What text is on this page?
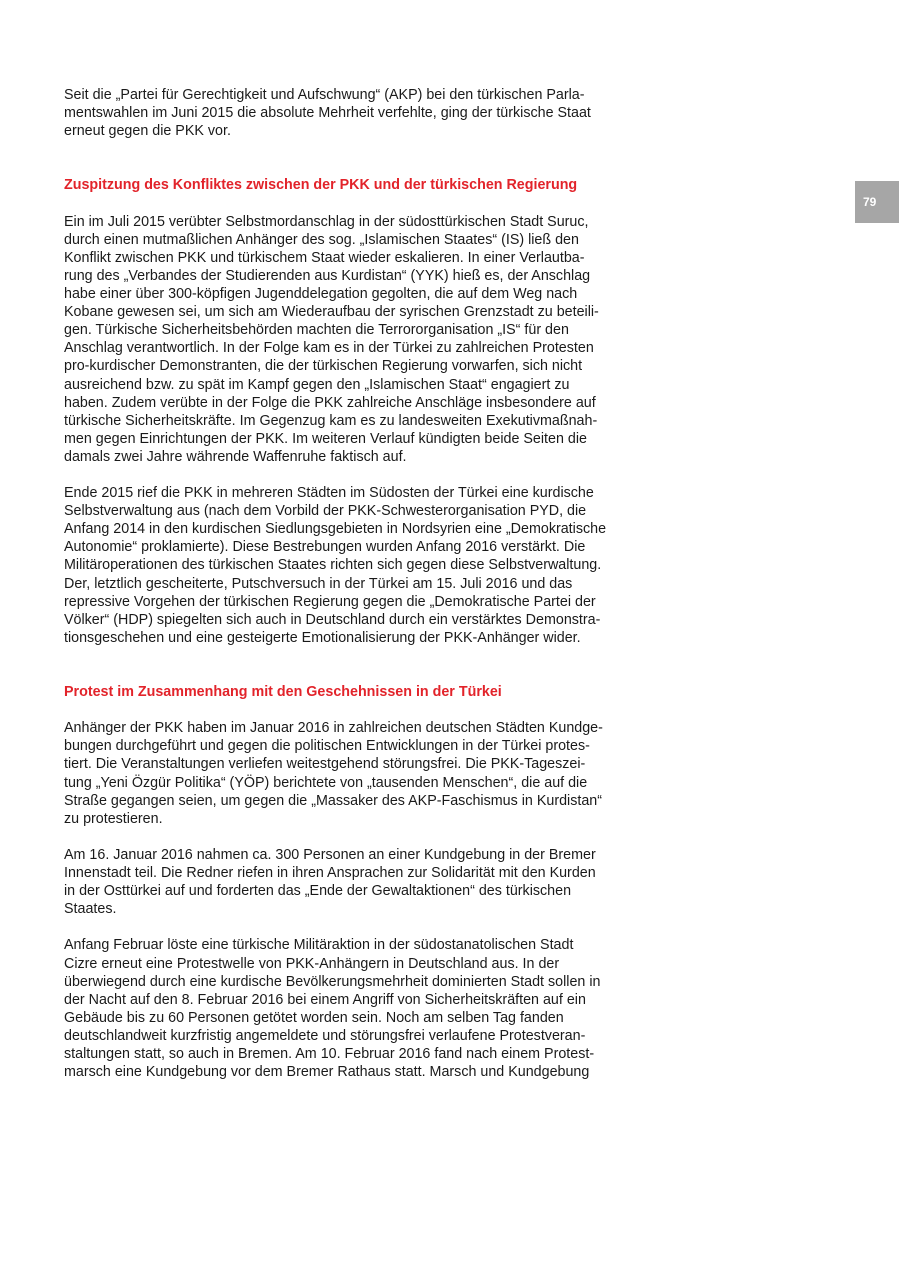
79

Seit die „Partei für Gerechtigkeit und Aufschwung“ (AKP) bei den türkischen Parla-
mentswahlen im Juni 2015 die absolute Mehrheit verfehlte, ging der türkische Staat
erneut gegen die PKK vor.

Zuspitzung des Konfliktes zwischen der PKK und der türkischen Regierung

Ein im Juli 2015 verübter Selbstmordanschlag in der südosttürkischen Stadt Suruc,
durch einen mutmaßlichen Anhänger des sog. „Islamischen Staates“ (IS) ließ den
Konflikt zwischen PKK und türkischem Staat wieder eskalieren. In einer Verlautba-
rung des „Verbandes der Studierenden aus Kurdistan“ (YYK) hieß es, der Anschlag
habe einer über 300-köpfigen Jugenddelegation gegolten, die auf dem Weg nach
Kobane gewesen sei, um sich am Wiederaufbau der syrischen Grenzstadt zu beteili-
gen. Türkische Sicherheitsbehörden machten die Terrororganisation „IS“ für den
Anschlag verantwortlich. In der Folge kam es in der Türkei zu zahlreichen Protesten
pro-kurdischer Demonstranten, die der türkischen Regierung vorwarfen, sich nicht
ausreichend bzw. zu spät im Kampf gegen den „Islamischen Staat“ engagiert zu
haben. Zudem verübte in der Folge die PKK zahlreiche Anschläge insbesondere auf
türkische Sicherheitskräfte. Im Gegenzug kam es zu landesweiten Exekutivmaßnah-
men gegen Einrichtungen der PKK. Im weiteren Verlauf kündigten beide Seiten die
damals zwei Jahre währende Waffenruhe faktisch auf.

Ende 2015 rief die PKK in mehreren Städten im Südosten der Türkei eine kurdische
Selbstverwaltung aus (nach dem Vorbild der PKK-Schwesterorganisation PYD, die
Anfang 2014 in den kurdischen Siedlungsgebieten in Nordsyrien eine „Demokratische
Autonomie“ proklamierte). Diese Bestrebungen wurden Anfang 2016 verstärkt. Die
Militäroperationen des türkischen Staates richten sich gegen diese Selbstverwaltung.
Der, letztlich gescheiterte, Putschversuch in der Türkei am 15. Juli 2016 und das
repressive Vorgehen der türkischen Regierung gegen die „Demokratische Partei der
Völker“ (HDP) spiegelten sich auch in Deutschland durch ein verstärktes Demonstra-
tionsgeschehen und eine gesteigerte Emotionalisierung der PKK-Anhänger wider.

Protest im Zusammenhang mit den Geschehnissen in der Türkei

Anhänger der PKK haben im Januar 2016 in zahlreichen deutschen Städten Kundge-
bungen durchgeführt und gegen die politischen Entwicklungen in der Türkei protes-
tiert. Die Veranstaltungen verliefen weitestgehend störungsfrei. Die PKK-Tageszei-
tung „Yeni Özgür Politika“ (YÖP) berichtete von „tausenden Menschen“, die auf die
Straße gegangen seien, um gegen die „Massaker des AKP-Faschismus in Kurdistan“
zu protestieren.

Am 16. Januar 2016 nahmen ca. 300 Personen an einer Kundgebung in der Bremer
Innenstadt teil. Die Redner riefen in ihren Ansprachen zur Solidarität mit den Kurden
in der Osttürkei auf und forderten das „Ende der Gewaltaktionen“ des türkischen
Staates.

Anfang Februar löste eine türkische Militäraktion in der südostanatolischen Stadt
Cizre erneut eine Protestwelle von PKK-Anhängern in Deutschland aus. In der
überwiegend durch eine kurdische Bevölkerungsmehrheit dominierten Stadt sollen in
der Nacht auf den 8. Februar 2016 bei einem Angriff von Sicherheitskräften auf ein
Gebäude bis zu 60 Personen getötet worden sein. Noch am selben Tag fanden
deutschlandweit kurzfristig angemeldete und störungsfrei verlaufene Protestveran-
staltungen statt, so auch in Bremen. Am 10. Februar 2016 fand nach einem Protest-
marsch eine Kundgebung vor dem Bremer Rathaus statt. Marsch und Kundgebung
